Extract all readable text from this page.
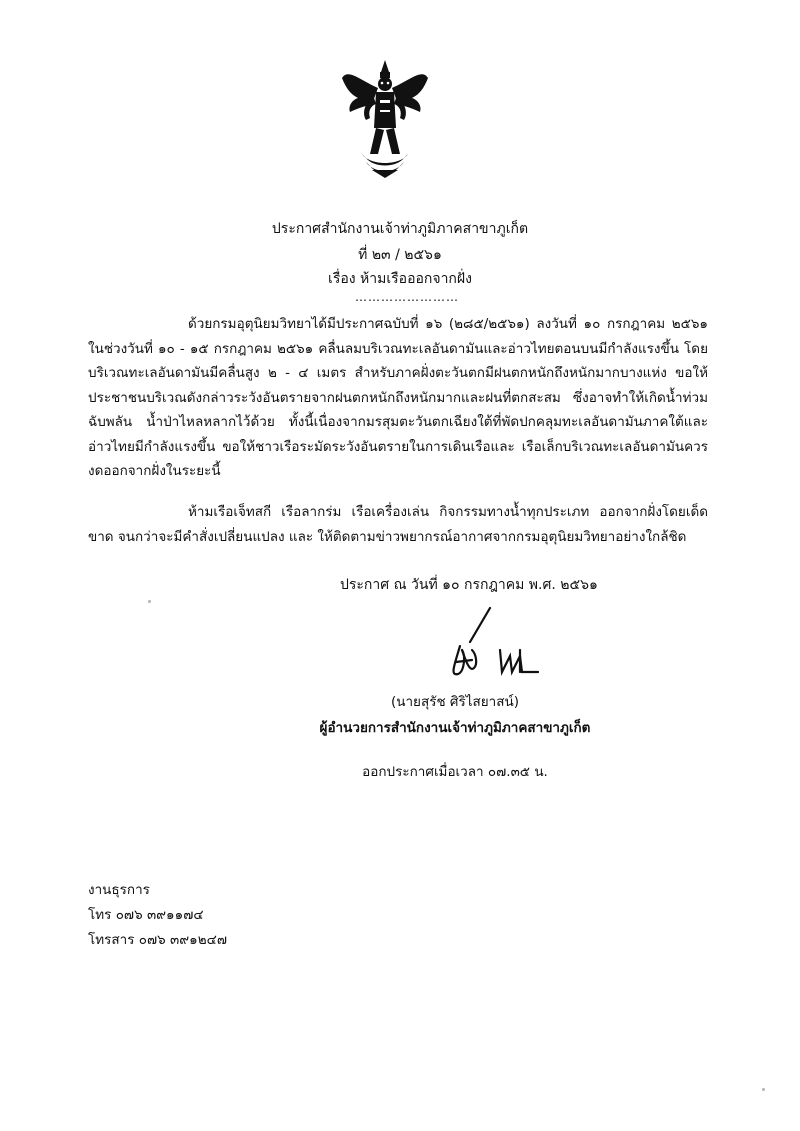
ประกาศสำนักงานเจ้าท่าภูมิภาคสาขาภูเก็ต
ที่ ๒๓ / ๒๕๖๑
เรื่อง ห้ามเรือออกจากฝั่ง
……………………
ด้วยกรมอุตุนิยมวิทยาได้มีประกาศฉบับที่ ๑๖ (๒๘๕/๒๕๖๑) ลงวันที่ ๑๐ กรกฎาคม ๒๕๖๑ ในช่วงวันที่ ๑๐ - ๑๕ กรกฎาคม ๒๕๖๑ คลื่นลมบริเวณทะเลอันดามันและอ่าวไทยตอนบนมีกำลังแรงขึ้น โดยบริเวณทะเลอันดามันมีคลื่นสูง ๒ - ๔ เมตร สำหรับภาคฝั่งตะวันตกมีฝนตกหนักถึงหนักมากบางแห่ง ขอให้ประชาชนบริเวณดังกล่าวระวังอันตรายจากฝนตกหนักถึงหนักมากและฝนที่ตกสะสม ซึ่งอาจทำให้เกิดน้ำท่วมฉับพลัน น้ำป่าไหลหลากไว้ด้วย ทั้งนี้เนื่องจากมรสุมตะวันตกเฉียงใต้ที่พัดปกคลุมทะเลอันดามันภาคใต้และอ่าวไทยมีกำลังแรงขึ้น ขอให้ชาวเรือระมัดระวังอันตรายในการเดินเรือและ เรือเล็กบริเวณทะเลอันดามันควรงดออกจากฝั่งในระยะนี้
ห้ามเรือเจ็ทสกี เรือลากร่ม เรือเครื่องเล่น กิจกรรมทางน้ำทุกประเภท ออกจากฝั่งโดยเด็ดขาด จนกว่าจะมีคำสั่งเปลี่ยนแปลง และ ให้ติดตามข่าวพยากรณ์อากาศจากกรมอุตุนิยมวิทยาอย่างใกล้ชิด
ประกาศ ณ วันที่ ๑๐ กรกฎาคม พ.ศ. ๒๕๖๑
(นายสุรัช ศิริไสยาสน์)
ผู้อำนวยการสำนักงานเจ้าท่าภูมิภาคสาขาภูเก็ต
ออกประกาศเมื่อเวลา ๐๗.๓๕ น.
งานธุรการ
โทร ๐๗๖ ๓๙๑๑๗๔
โทรสาร ๐๗๖ ๓๙๑๒๔๗
